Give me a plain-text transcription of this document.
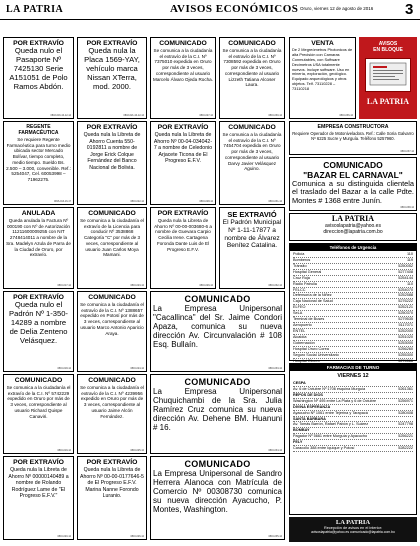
LA PATRIA	AVISOS ECONÓMICOS Oruro, viernes 12 de agosto de 2016 3
POR EXTRAVÍO
Queda nulo el Pasaporte Nº 7425130 Serie A151051 de Polo Ramos Abdón.
0816-016-10-12-14
REGENTE FARMACÉUTICA
Se requiere Regente Farmacéutica para turno medio ubicada sector Mercado Bolívar, tiempo completo, medio tiempo. Sueldo Bs. 2.500 – 3.000, convenible. Ref.: 5254047, Cel. 60053998 – 71962275.
0816-013-16-17
ANULADA
Queda anulada la Factura Nº 000190 con Nº de Autorización 11211600009255 con NIT 2748414011 a nombre de la Sra. Madelyn Azula de Parra de la Ciudad de Oruro, por extravío.
0816-017-12
POR EXTRAVÍO
Queda nulo el Padrón Nº 1-350-14289 a nombre de Delia Zenteno Velásquez.
0816-018-12
COMUNICADO
Se comunica a la ciudadanía el extravío de la C.I. Nº 5742229 expedido en Oruro por más de 3 veces, correspondiente al usuario Richard Quispe Canaviri.
0816-019-12
POR EXTRAVÍO
Queda nula la Libreta de Ahorro Nº 00000140489 a nombre de Rolando Rodríguez Lame de "El Progreso E.F.V."
0816-020-12
POR EXTRAVÍO
Queda nula la Placa 1569-YAY, vehículo marca Nissan XTerra, mod. 2000.
0816-021-10-12-14
POR EXTRAVÍO
Queda nula la Libreta de Ahorro Cuenta 550-0192811 a nombre de Jorge Erick Colque Fernández del Banco Nacional de Bolivia.
0816-022-12
COMUNICADO
Se comunica a la ciudadanía el extravío de la Licencia para conducir Nº 3538868 Categoría "C" por más de 3 veces, correspondiente al usuario Juan Carlos Moya Mamani.
0816-023-12
COMUNICADO
Se comunica a la ciudadanía el extravío de la C.I. Nº 1388657 expedido en Potosí por más de 3 veces, correspondiente al usuario Marco Antonio Aparicio Araya.
0816-024-12
COMUNICADO
Se comunica a la ciudadanía el extravío de la C.I. Nº 4239956 expedido en Oruro por más de 3 veces, correspondiente al usuario Jaime Alcón Fernández.
0816-025-12
POR EXTRAVÍO
Queda nula la Libreta de Ahorro Nº 00-00-0177646-5 de El Progreso E.F.V. Marina Nanne Forondo Luranio.
0816-026-12
COMUNICADO
Se comunica a la ciudadanía el extravío de la C.I. Nº 7375010 expedida en Oruro por más de 3 veces, correspondiente al usuario Marcelo Álvaro Ojeda Rocha.
0816-027-12
POR EXTRAVÍO
Queda nula la Libreta de Ahorro Nº 00-04-034042-7 a nombre de Celedonio Arjacete Ticona de El Progreso E.F.V.
0816-028-12
POR EXTRAVÍO
Queda nula la Libreta de Ahorro Nº 00-00-003680-6 a nombre de Guevara Carpio Cecilia Irene. Cartagena Foronda Dante Luis de El Progreso E.F.V.
0816-029-12
COMUNICADO
Se comunica a la ciudadanía el extravío de la C.I. Nº 7308592 expedida en Oruro por más de 3 veces, correspondiente al usuario Lizzeth Tatiana Alcoser Laura.
0816-030-12
COMUNICADO
Se comunica a la ciudadanía el extravío de la C.I. Nº 7454704 expedida en Oruro por más de 3 veces, correspondiente al usuario Darvy Javier Velásquez Aguino.
0816-031-12
SE EXTRAVIÓ
El Padrón Municipal Nº 1-11-17877 a nombre de Álvarez Benítez Catalina.
0816-032-12
COMUNICADO
La Empresa Unipersonal "Cacallinca" del Sr. Jaime Condori Apaza, comunica su nueva dirección Av. Circunvalación # 108 Esq. Bullaín.
0816-033-12
COMUNICADO
La Empresa Unipersonal Chuquichambi de la Sra. Julia Ramírez Cruz comunica su nueva dirección Av. Dehene BM. Huanuni # 16.
0816-034-12
COMUNICADO
La Empresa Unipersonal de Sandro Herrera Alanoca con Matrícula de Comercio Nº 00308730 comunica su nueva dirección Ayacucho, P. Montes, Washington.
0816-035-12
VENTA
De 2 Megreómetros Photonicos de alta Precisión con Camaras Conmutables, con Software Decimetros USA totalmente nuevos. Incluye software. Uso en minería, exploración, geológico. Equipado arqueológicos y otros objetos. Telf. 73110228 – 73110218
0816-036-12
AVISOS
EN BLOQUE
LA PATRIA
EMPRESA CONSTRUCTORA
Requiere Operador de Motoniveladora. Ref.: Calle Soria Galvarro Nº 6225 Sucre y Murguía. Teléfono 5257960.
0816-037-12
COMUNICADO
"BAZAR EL CARNAVAL"
Comunica a su distinguida clientela el traslado del Bazar a la calle Pdte. Montes # 1368 entre Junín.
0816-038-12
LA PATRIA
avisoslapatria@yahoo.es
direccion@lapatria.com.bo
Teléfonos de Urgencia
Policía	110
Bomberos	119
Tránsito	5250052
Hospital General	5277408
Cruz Roja	5254144
Radio Patrulla	110
FELCC	5254070
Defensoría de la Niñez	5252588
Caja Nacional de Salud	5276222
ELFEO	5252121
SeLA	5250370
Terminal de Buses	5279535
Aeropuerto	5117071
ENTEL	5252000
Alcaldía	5251020
Gobernación	5253000
Hospital Oruro Corea	5256260
Seguro Social Universitario	5255300
Hospital Obrero	5274566
FARMACIAS DE TURNO
VIERNES 12
CESPA
Av. 6 de Octubre Nº 1706 esquina Murguía	5261361
REPOS DE DIOS
Washington Nº 495 entre La Plata y 6 de Octubre	5256971
DIVINA ESPERANZA
Ayacucho Nº 1061 entre Tejerina y Tarapacá	5280408
SANTA BÁRBARA
Av. Tomás Barrón, Rafael Pabón y L. Suárez	5247798
BOMBAY
Pagador Nº 5661 entre Murguía y Ayacucho	5256221
FELY
Caracollo 388 entre Iquique y Potosí	5282222
LA PATRIA
Recepción de avisos en el interior:
avisoslapatria@yahoo.es comunicado@lapatria.com.bo
